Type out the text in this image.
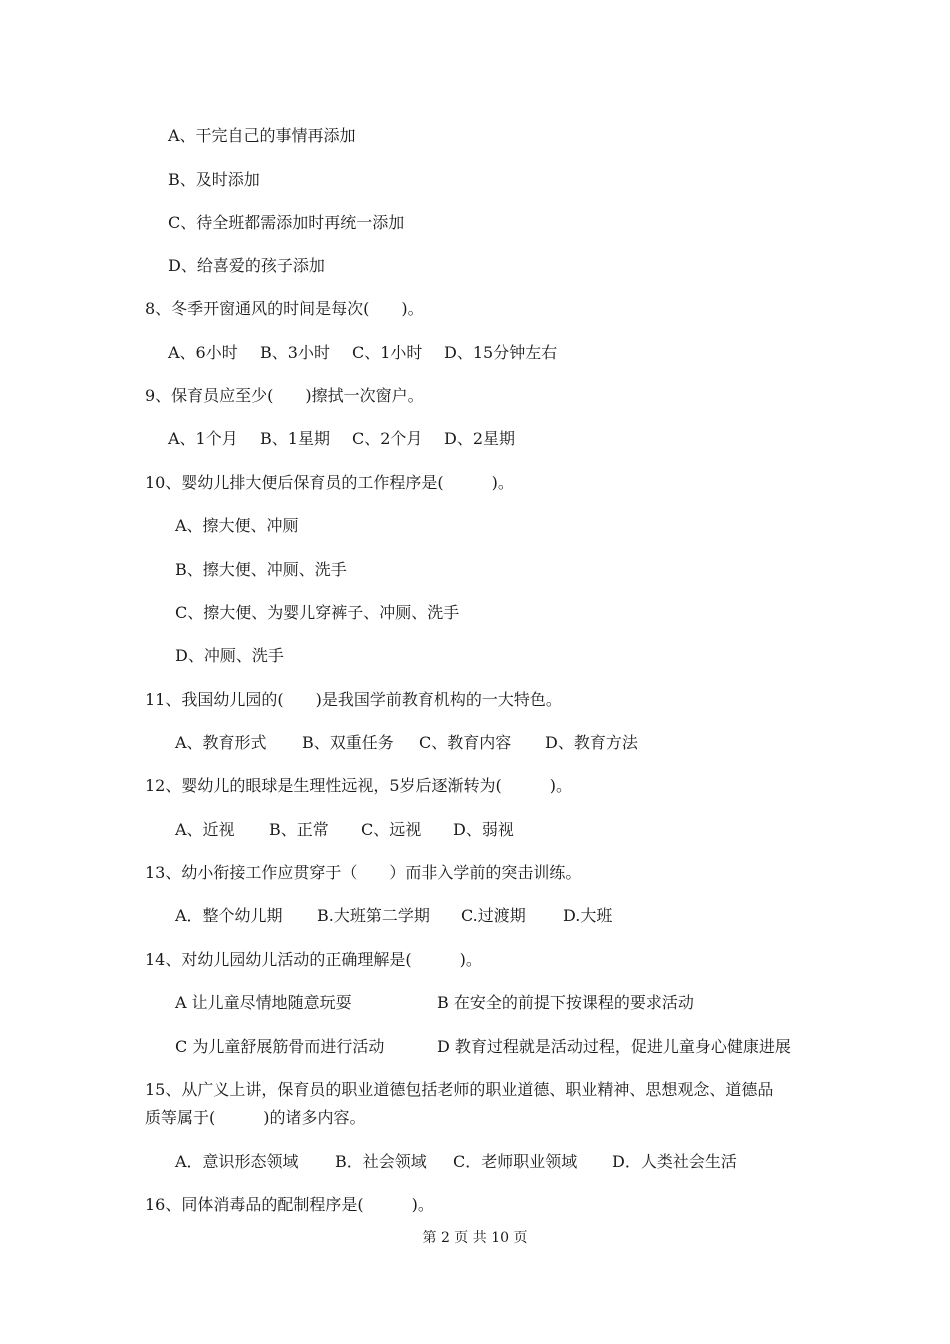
A、干完自己的事情再添加
B、及时添加
C、待全班都需添加时再统一添加
D、给喜爱的孩子添加
8、冬季开窗通风的时间是每次(　　)。
A、6小时 B、3小时 C、1小时 D、15分钟左右
9、保育员应至少(　　)擦拭一次窗户。
A、1个月 B、1星期 C、2个月 D、2星期
10、婴幼儿排大便后保育员的工作程序是(　　　)。
A、擦大便、冲厕
B、擦大便、冲厕、洗手
C、擦大便、为婴儿穿裤子、冲厕、洗手
D、冲厕、洗手
11、我国幼儿园的(　　)是我国学前教育机构的一大特色。
A、教育形式 B、双重任务 C、教育内容 D、教育方法
12、婴幼儿的眼球是生理性远视，5岁后逐渐转为(　　　)。
A、近视 B、正常 C、远视 D、弱视
13、幼小衔接工作应贯穿于（　　）而非入学前的突击训练。
A．整个幼儿期 B.大班第二学期 C.过渡期 D.大班
14、对幼儿园幼儿活动的正确理解是(　　　)。
A 让儿童尽情地随意玩耍	B 在安全的前提下按课程的要求活动
C 为儿童舒展筋骨而进行活动	D 教育过程就是活动过程，促进儿童身心健康进展
15、从广义上讲，保育员的职业道德包括老师的职业道德、职业精神、思想观念、道德品
质等属于(　　　)的诸多内容。
A．意识形态领域 B．社会领域 C．老师职业领域 D．人类社会生活
16、同体消毒品的配制程序是(　　　)。
第 2 页 共 10 页
